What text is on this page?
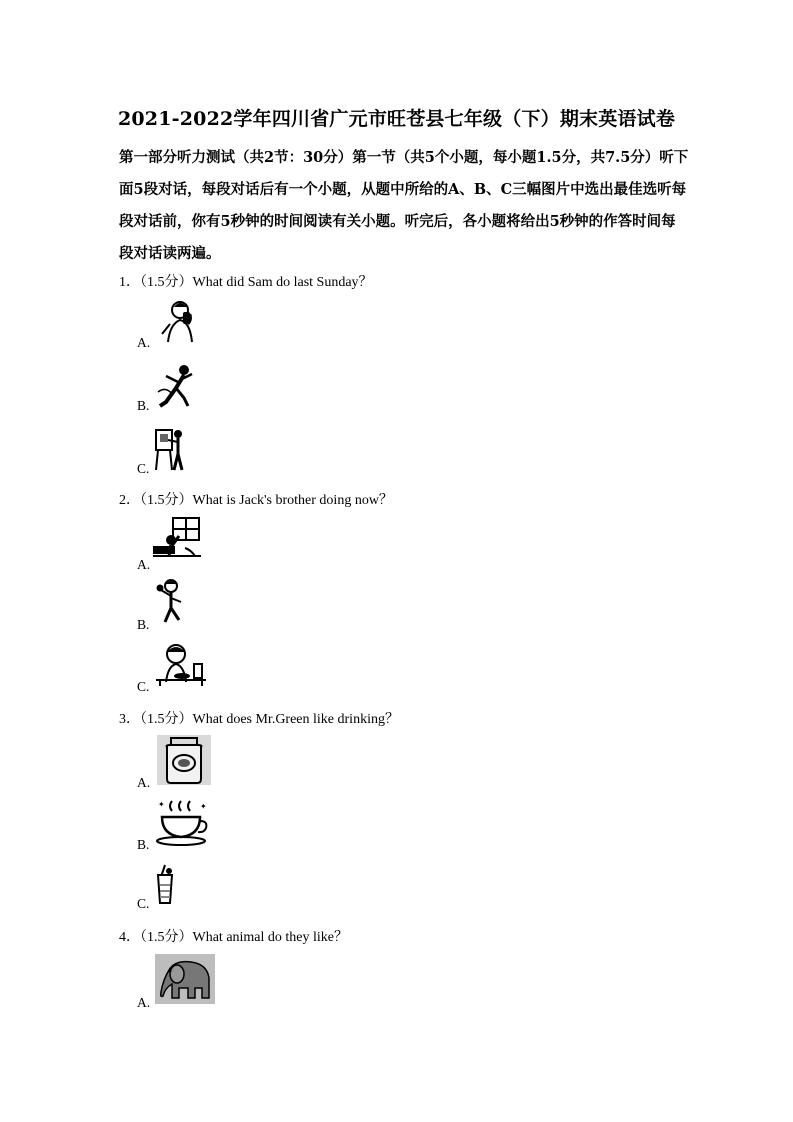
2021-2022学年四川省广元市旺苍县七年级（下）期末英语试卷
第一部分听力测试（共2节：30分）第一节（共5个小题，每小题1.5分，共7.5分）听下
面5段对话，每段对话后有一个小题，从题中所给的A、B、C三幅图片中选出最佳选听每
段对话前，你有5秒钟的时间阅读有关小题。听完后，各小题将给出5秒钟的作答时间每
段对话读两遍。
1．（1.5分）What did Sam do last Sunday？
A.
B.
C.
2．（1.5分）What is Jack's brother doing now？
A.
B.
C.
3．（1.5分）What does Mr.Green like drinking？
A.
B.
✦	✦
C.
4．（1.5分）What animal do they like？
A.
